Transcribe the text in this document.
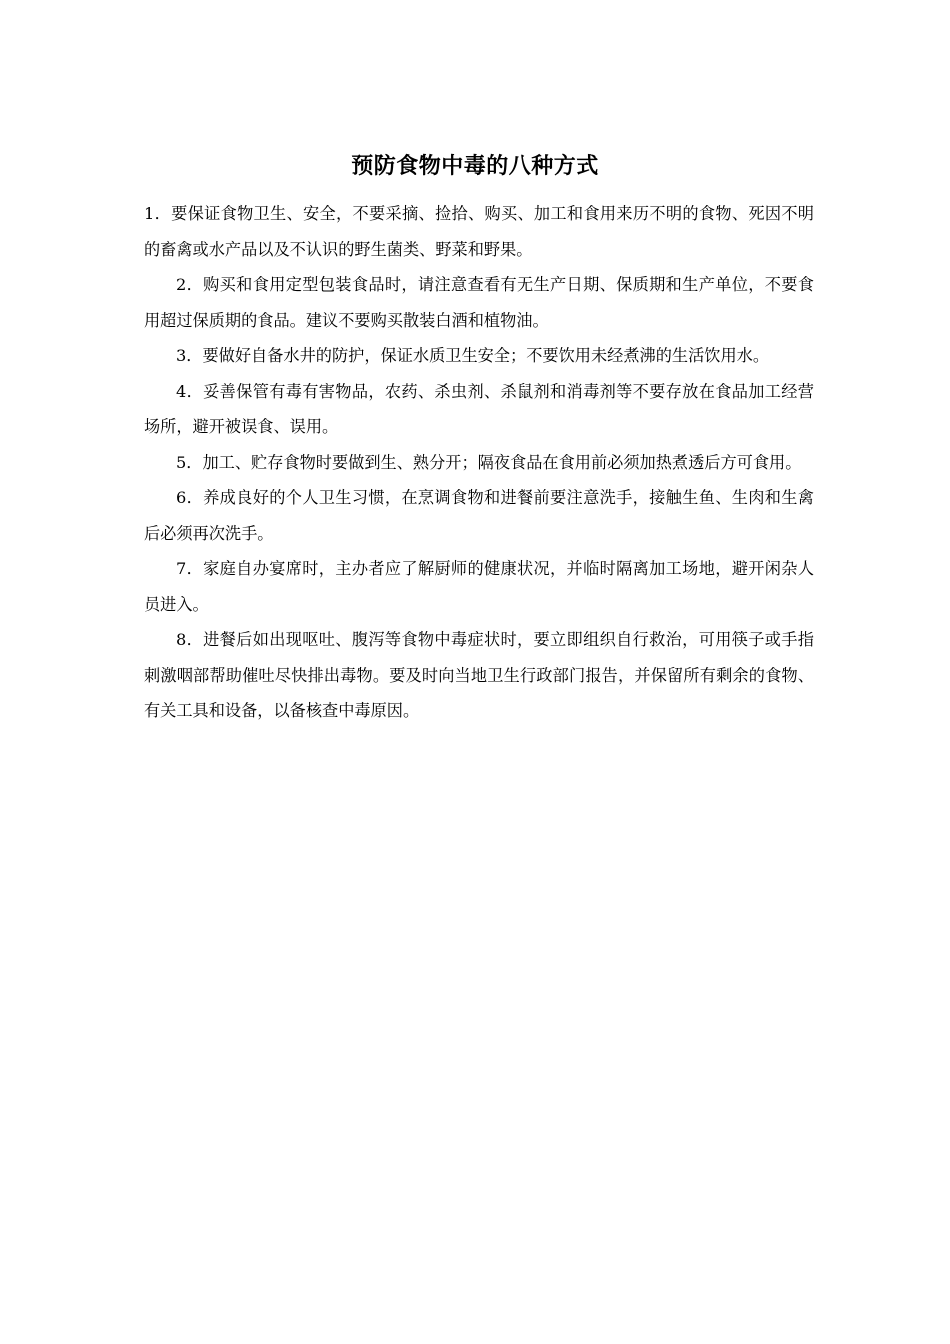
预防食物中毒的八种方式

1．要保证食物卫生、安全，不要采摘、捡拾、购买、加工和食用来历不明的食物、死因不明的畜禽或水产品以及不认识的野生菌类、野菜和野果。

2．购买和食用定型包装食品时，请注意查看有无生产日期、保质期和生产单位，不要食用超过保质期的食品。建议不要购买散装白酒和植物油。

3．要做好自备水井的防护，保证水质卫生安全；不要饮用未经煮沸的生活饮用水。

4．妥善保管有毒有害物品，农药、杀虫剂、杀鼠剂和消毒剂等不要存放在食品加工经营场所，避开被误食、误用。

5．加工、贮存食物时要做到生、熟分开；隔夜食品在食用前必须加热煮透后方可食用。

6．养成良好的个人卫生习惯，在烹调食物和进餐前要注意洗手，接触生鱼、生肉和生禽后必须再次洗手。

7．家庭自办宴席时，主办者应了解厨师的健康状况，并临时隔离加工场地，避开闲杂人员进入。

8．进餐后如出现呕吐、腹泻等食物中毒症状时，要立即组织自行救治，可用筷子或手指刺激咽部帮助催吐尽快排出毒物。要及时向当地卫生行政部门报告，并保留所有剩余的食物、有关工具和设备，以备核查中毒原因。
